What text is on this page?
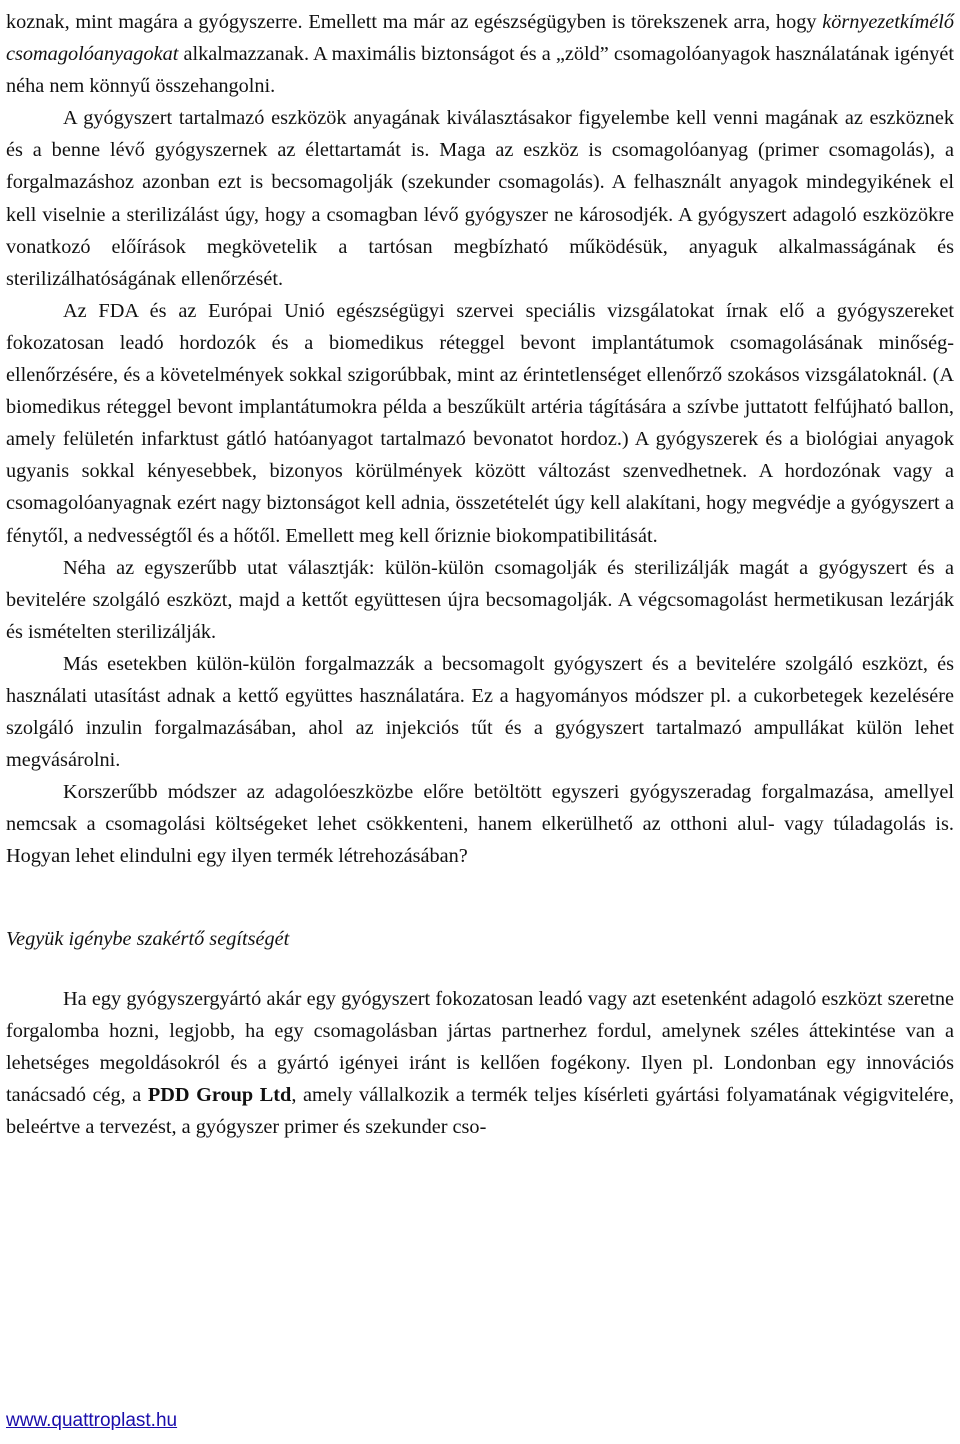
koznak, mint magára a gyógyszerre. Emellett ma már az egészségügyben is törekszenek arra, hogy környezetkímélő csomagolóanyagokat alkalmazzanak. A maximális biztonságot és a „zöld” csomagolóanyagok használatának igényét néha nem könnyű összehangolni.

A gyógyszert tartalmazó eszközök anyagának kiválasztásakor figyelembe kell venni magának az eszköznek és a benne lévő gyógyszernek az élettartamát is. Maga az eszköz is csomagolóanyag (primer csomagolás), a forgalmazáshoz azonban ezt is becsomagolják (szekunder csomagolás). A felhasznált anyagok mindegyikének el kell viselnie a sterilizálást úgy, hogy a csomagban lévő gyógyszer ne károsodjék. A gyógyszert adagoló eszközökre vonatkozó előírások megkövetelik a tartósan megbízható működésük, anyaguk alkalmasságának és sterilizálhatóságának ellenőrzését.

Az FDA és az Európai Unió egészségügyi szervei speciális vizsgálatokat írnak elő a gyógyszereket fokozatosan leadó hordozók és a biomedikus réteggel bevont implantátumok csomagolásának minőség-ellenőrzésére, és a követelmények sokkal szigorúbbak, mint az érintetlenséget ellenőrző szokásos vizsgálatoknál. (A biomedikus réteggel bevont implantátumokra példa a beszűkült artéria tágítására a szívbe juttatott felfújható ballon, amely felületén infarktust gátló hatóanyagot tartalmazó bevonatot hordoz.) A gyógyszerek és a biológiai anyagok ugyanis sokkal kényesebbek, bizonyos körülmények között változást szenvedhetnek. A hordozónak vagy a csomagolóanyagnak ezért nagy biztonságot kell adnia, összetételét úgy kell alakítani, hogy megvédje a gyógyszert a fénytől, a nedvességtől és a hőtől. Emellett meg kell őriznie biokompatibilitását.

Néha az egyszerűbb utat választják: külön-külön csomagolják és sterilizálják magát a gyógyszert és a bevitelére szolgáló eszközt, majd a kettőt együttesen újra becsomagolják. A végcsomagolást hermetikusan lezárják és ismételten sterilizálják.

Más esetekben külön-külön forgalmazzák a becsomagolt gyógyszert és a bevitelére szolgáló eszközt, és használati utasítást adnak a kettő együttes használatára. Ez a hagyományos módszer pl. a cukorbetegek kezelésére szolgáló inzulin forgalmazásában, ahol az injekciós tűt és a gyógyszert tartalmazó ampullákat külön lehet megvásárolni.

Korszerűbb módszer az adagolóeszközbe előre betöltött egyszeri gyógyszeradag forgalmazása, amellyel nemcsak a csomagolási költségeket lehet csökkenteni, hanem elkerülhető az otthoni alul- vagy túladagolás is. Hogyan lehet elindulni egy ilyen termék létrehozásában?

Vegyük igénybe szakértő segítségét

Ha egy gyógyszergyártó akár egy gyógyszert fokozatosan leadó vagy azt esetenként adagoló eszközt szeretne forgalomba hozni, legjobb, ha egy csomagolásban jártas partnerhez fordul, amelynek széles áttekintése van a lehetséges megoldásokról és a gyártó igényei iránt is kellően fogékony. Ilyen pl. Londonban egy innovációs tanácsadó cég, a PDD Group Ltd, amely vállalkozik a termék teljes kísérleti gyártási folyamatának végigvitelére, beleértve a tervezést, a gyógyszer primer és szekunder cso-

www.quattroplast.hu
